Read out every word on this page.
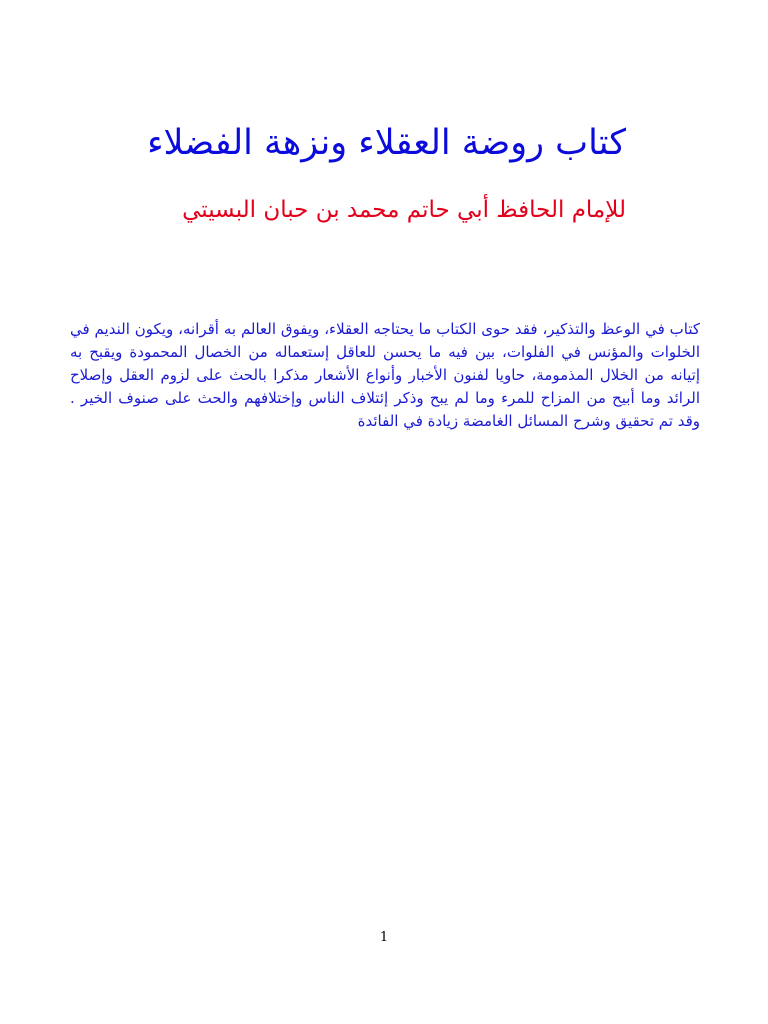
كتاب روضة العقلاء ونزهة الفضلاء
للإمام الحافظ أبي حاتم محمد بن حبان البسيتي

كتاب في الوعظ والتذكير، فقد حوى الكتاب ما يحتاجه العقلاء، ويفوق العالم به أقرانه، ويكون النديم في الخلوات والمؤنس في الفلوات، بين فيه ما يحسن للعاقل إستعماله من الخصال المحمودة ويقبح به إتيانه من الخلال المذمومة، حاويا لفنون الأخبار وأنواع الأشعار مذكرا بالحث على لزوم العقل وإصلاح الرائد وما أبيح من المزاح للمرء وما لم يبح وذكر إئتلاف الناس وإختلافهم والحث على صنوف الخير . وقد تم تحقيق وشرح المسائل الغامضة زيادة في الفائدة

1
